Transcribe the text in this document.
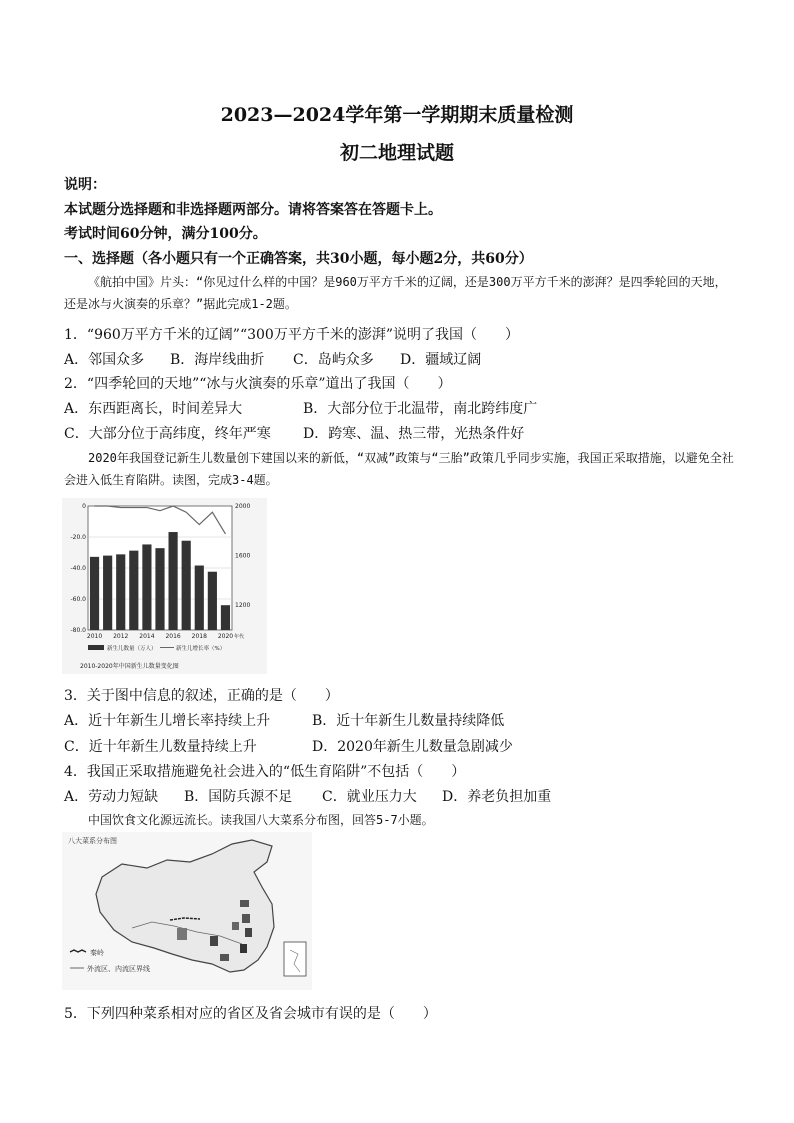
2023—2024学年第一学期期末质量检测
初二地理试题
说明：
本试题分选择题和非选择题两部分。请将答案答在答题卡上。
考试时间60分钟，满分100分。
一、选择题（各小题只有一个正确答案，共30小题，每小题2分，共60分）
《航拍中国》片头：“你见过什么样的中国？是960万平方千米的辽阔，还是300万平方千米的澎湃？是四季轮回的天地，还是冰与火演奏的乐章？”据此完成1-2题。
1．“960万平方千米的辽阔”“300万平方千米的澎湃”说明了我国（　　）
A．邻国众多 B．海岸线曲折 C．岛屿众多 D．疆域辽阔
2．“四季轮回的天地”“冰与火演奏的乐章”道出了我国（　　）
A．东西距离长，时间差异大	B．大部分位于北温带，南北跨纬度广
C．大部分位于高纬度，终年严寒 D．跨寒、温、热三带，光热条件好
2020年我国登记新生儿数量创下建国以来的新低，“双减”政策与“三胎”政策几乎同步实施，我国正采取措施，以避免全社会进入低生育陷阱。读图，完成3-4题。
0
-20.0
-40.0
-60.0
-80.0
2000
1600
1200
2010 2012 2014 2016 2018 2020 年代
新生儿数量（万人）	新生儿增长率（%）
2010-2020年中国新生儿数量变化图
3．关于图中信息的叙述，正确的是（　　）
A．近十年新生儿增长率持续上升	B．近十年新生儿数量持续降低
C．近十年新生儿数量持续上升	D．2020年新生儿数量急剧减少
4．我国正采取措施避免社会进入的“低生育陷阱”不包括（　　）
A．劳动力短缺 B．国防兵源不足 C．就业压力大 D．养老负担加重
中国饮食文化源远流长。读我国八大菜系分布图，回答5-7小题。
八大菜系分布图
秦岭
外流区、内流区界线
5．下列四种菜系相对应的省区及省会城市有误的是（　　）
